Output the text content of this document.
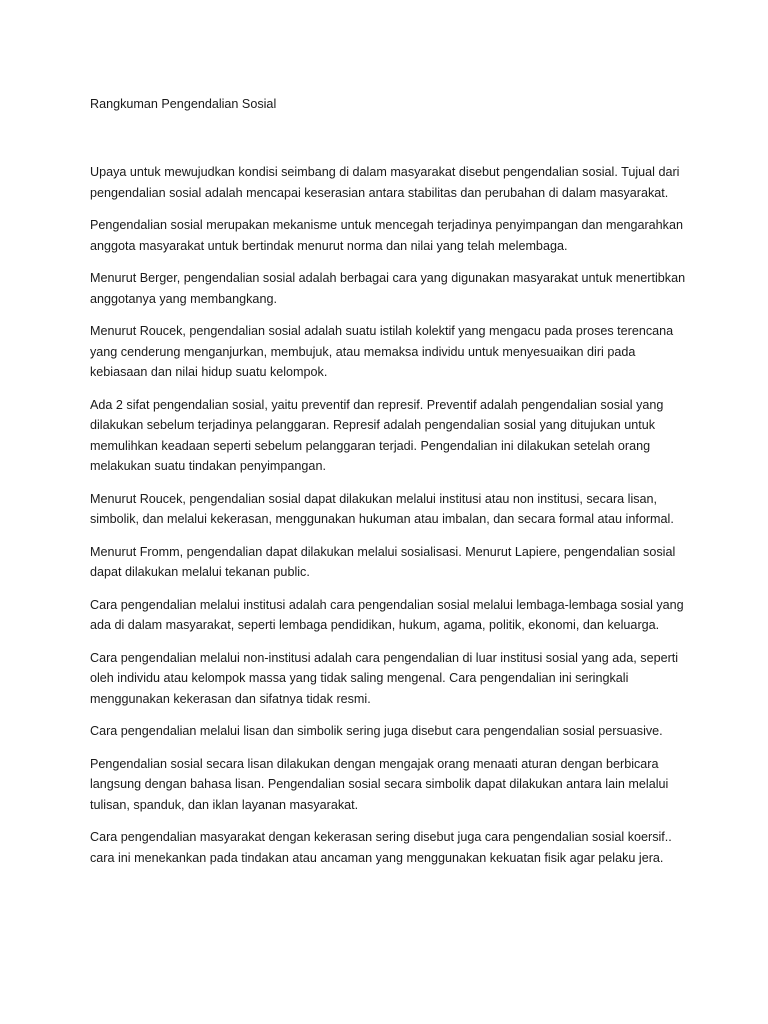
Rangkuman Pengendalian Sosial

Upaya untuk mewujudkan kondisi seimbang di dalam masyarakat disebut pengendalian sosial. Tujual dari pengendalian sosial adalah mencapai keserasian antara stabilitas dan perubahan di dalam masyarakat.

Pengendalian sosial merupakan mekanisme untuk mencegah terjadinya penyimpangan dan mengarahkan anggota masyarakat untuk bertindak menurut norma dan nilai yang telah melembaga.

Menurut Berger, pengendalian sosial adalah berbagai cara yang digunakan masyarakat untuk menertibkan anggotanya yang membangkang.

Menurut Roucek, pengendalian sosial adalah suatu istilah kolektif yang mengacu pada proses terencana yang cenderung menganjurkan, membujuk, atau memaksa individu untuk menyesuaikan diri pada kebiasaan dan nilai hidup suatu kelompok.

Ada 2 sifat pengendalian sosial, yaitu preventif dan represif. Preventif adalah pengendalian sosial yang dilakukan sebelum terjadinya pelanggaran. Represif adalah pengendalian sosial yang ditujukan untuk memulihkan keadaan seperti sebelum pelanggaran terjadi. Pengendalian ini dilakukan setelah orang melakukan suatu tindakan penyimpangan.

Menurut Roucek, pengendalian sosial dapat dilakukan melalui institusi atau non institusi, secara lisan, simbolik, dan melalui kekerasan, menggunakan hukuman atau imbalan, dan secara formal atau informal.

Menurut Fromm, pengendalian dapat dilakukan melalui sosialisasi. Menurut Lapiere, pengendalian sosial dapat dilakukan melalui tekanan public.

Cara pengendalian melalui institusi adalah cara pengendalian sosial melalui lembaga-lembaga sosial yang ada di dalam masyarakat, seperti lembaga pendidikan, hukum, agama, politik, ekonomi, dan keluarga.

Cara pengendalian melalui non-institusi adalah cara pengendalian di luar institusi sosial yang ada, seperti oleh individu atau kelompok massa yang tidak saling mengenal. Cara pengendalian ini seringkali menggunakan kekerasan dan sifatnya tidak resmi.

Cara pengendalian melalui lisan dan simbolik sering juga disebut cara pengendalian sosial persuasive.

Pengendalian sosial secara lisan dilakukan dengan mengajak orang menaati aturan dengan berbicara langsung dengan bahasa lisan. Pengendalian sosial secara simbolik dapat dilakukan antara lain melalui tulisan, spanduk, dan iklan layanan masyarakat.

Cara pengendalian masyarakat dengan kekerasan sering disebut juga cara pengendalian sosial koersif.. cara ini menekankan pada tindakan atau ancaman yang menggunakan kekuatan fisik agar pelaku jera.
